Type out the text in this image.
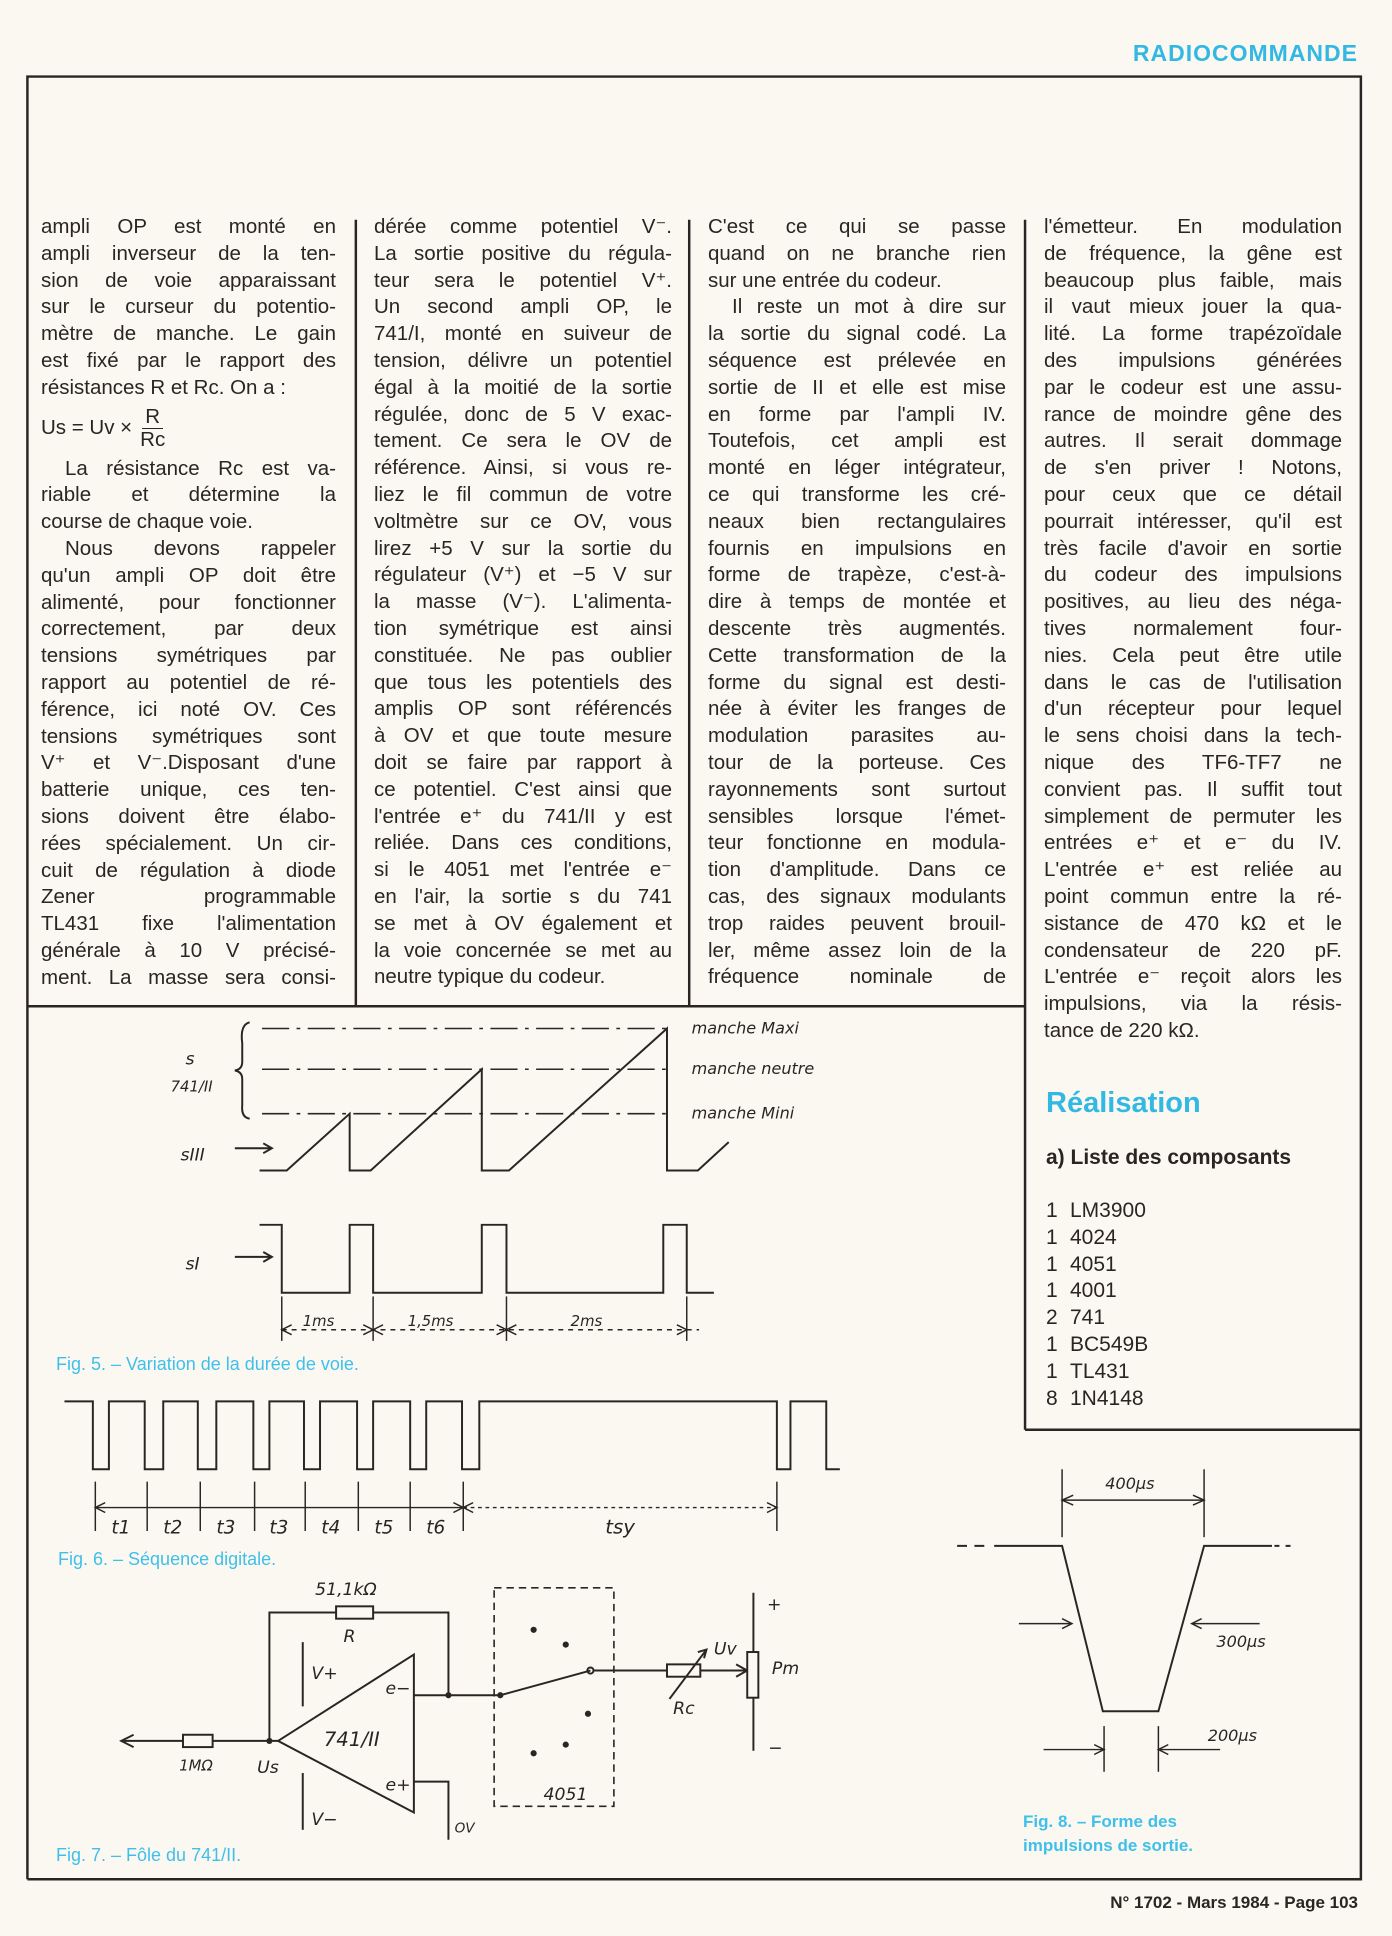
RADIOCOMMANDE
ampli OP est monté en
ampli inverseur de la ten-
sion de voie apparaissant
sur le curseur du potentio-
mètre de manche. Le gain
est fixé par le rapport des
résistances R et Rc. On a :
$Us = Uv \times \frac{R}{Rc}$
La résistance Rc est va-
riable et détermine la
course de chaque voie.
Nous devons rappeler
qu'un ampli OP doit être
alimenté, pour fonctionner
correctement, par deux
tensions symétriques par
rapport au potentiel de ré-
férence, ici noté OV. Ces
tensions symétriques sont
V⁺ et V⁻.Disposant d'une
batterie unique, ces ten-
sions doivent être élabo-
rées spécialement. Un cir-
cuit de régulation à diode
Zener programmable
TL431 fixe l'alimentation
générale à 10 V précisé-
ment. La masse sera consi-
dérée comme potentiel V⁻.
La sortie positive du régula-
teur sera le potentiel V⁺.
Un second ampli OP, le
741/I, monté en suiveur de
tension, délivre un potentiel
égal à la moitié de la sortie
régulée, donc de 5 V exac-
tement. Ce sera le OV de
référence. Ainsi, si vous re-
liez le fil commun de votre
voltmètre sur ce OV, vous
lirez +5 V sur la sortie du
régulateur (V⁺) et −5 V sur
la masse (V⁻). L'alimenta-
tion symétrique est ainsi
constituée. Ne pas oublier
que tous les potentiels des
amplis OP sont référencés
à OV et que toute mesure
doit se faire par rapport à
ce potentiel. C'est ainsi que
l'entrée e⁺ du 741/II y est
reliée. Dans ces conditions,
si le 4051 met l'entrée e⁻
en l'air, la sortie s du 741
se met à OV également et
la voie concernée se met au
neutre typique du codeur.
C'est ce qui se passe
quand on ne branche rien
sur une entrée du codeur.
Il reste un mot à dire sur
la sortie du signal codé. La
séquence est prélevée en
sortie de II et elle est mise
en forme par l'ampli IV.
Toutefois, cet ampli est
monté en léger intégrateur,
ce qui transforme les cré-
neaux bien rectangulaires
fournis en impulsions en
forme de trapèze, c'est-à-
dire à temps de montée et
descente très augmentés.
Cette transformation de la
forme du signal est desti-
née à éviter les franges de
modulation parasites au-
tour de la porteuse. Ces
rayonnements sont surtout
sensibles lorsque l'émet-
teur fonctionne en modula-
tion d'amplitude. Dans ce
cas, des signaux modulants
trop raides peuvent brouil-
ler, même assez loin de la
fréquence nominale de
l'émetteur. En modulation
de fréquence, la gêne est
beaucoup plus faible, mais
il vaut mieux jouer la qua-
lité. La forme trapézoïdale
des impulsions générées
par le codeur est une assu-
rance de moindre gêne des
autres. Il serait dommage
de s'en priver ! Notons,
pour ceux que ce détail
pourrait intéresser, qu'il est
très facile d'avoir en sortie
du codeur des impulsions
positives, au lieu des néga-
tives normalement four-
nies. Cela peut être utile
dans le cas de l'utilisation
d'un récepteur pour lequel
le sens choisi dans la tech-
nique des TF6-TF7 ne
convient pas. Il suffit tout
simplement de permuter les
entrées e⁺ et e⁻ du IV.
L'entrée e⁺ est reliée au
point commun entre la ré-
sistance de 470 kΩ et le
condensateur de 220 pF.
L'entrée e⁻ reçoit alors les
impulsions, via la résis-
tance de 220 kΩ.
Réalisation
a) Liste des composants
1 LM3900
1 4024
1 4051
1 4001
2 741
1 BC549B
1 TL431
8 1N4148
manche Maxi
manche neutre
manche Mini
s
741/II
sIII
sI
1ms	1,5ms	2ms
t1 t2 t3 t3 t4 t5 t6	tsy
51,1kΩ
R
V+
V−
e−
e+
741/II
1MΩ	Us
4051
Uv
Rc
Pm
+
−
OV
400µs
300µs
200µs
Fig. 5. – Variation de la durée de voie.
Fig. 6. – Séquence digitale.
Fig. 7. – Fôle du 741/II.
Fig. 8. – Forme des
impulsions de sortie.
N° 1702 - Mars 1984 - Page 103
